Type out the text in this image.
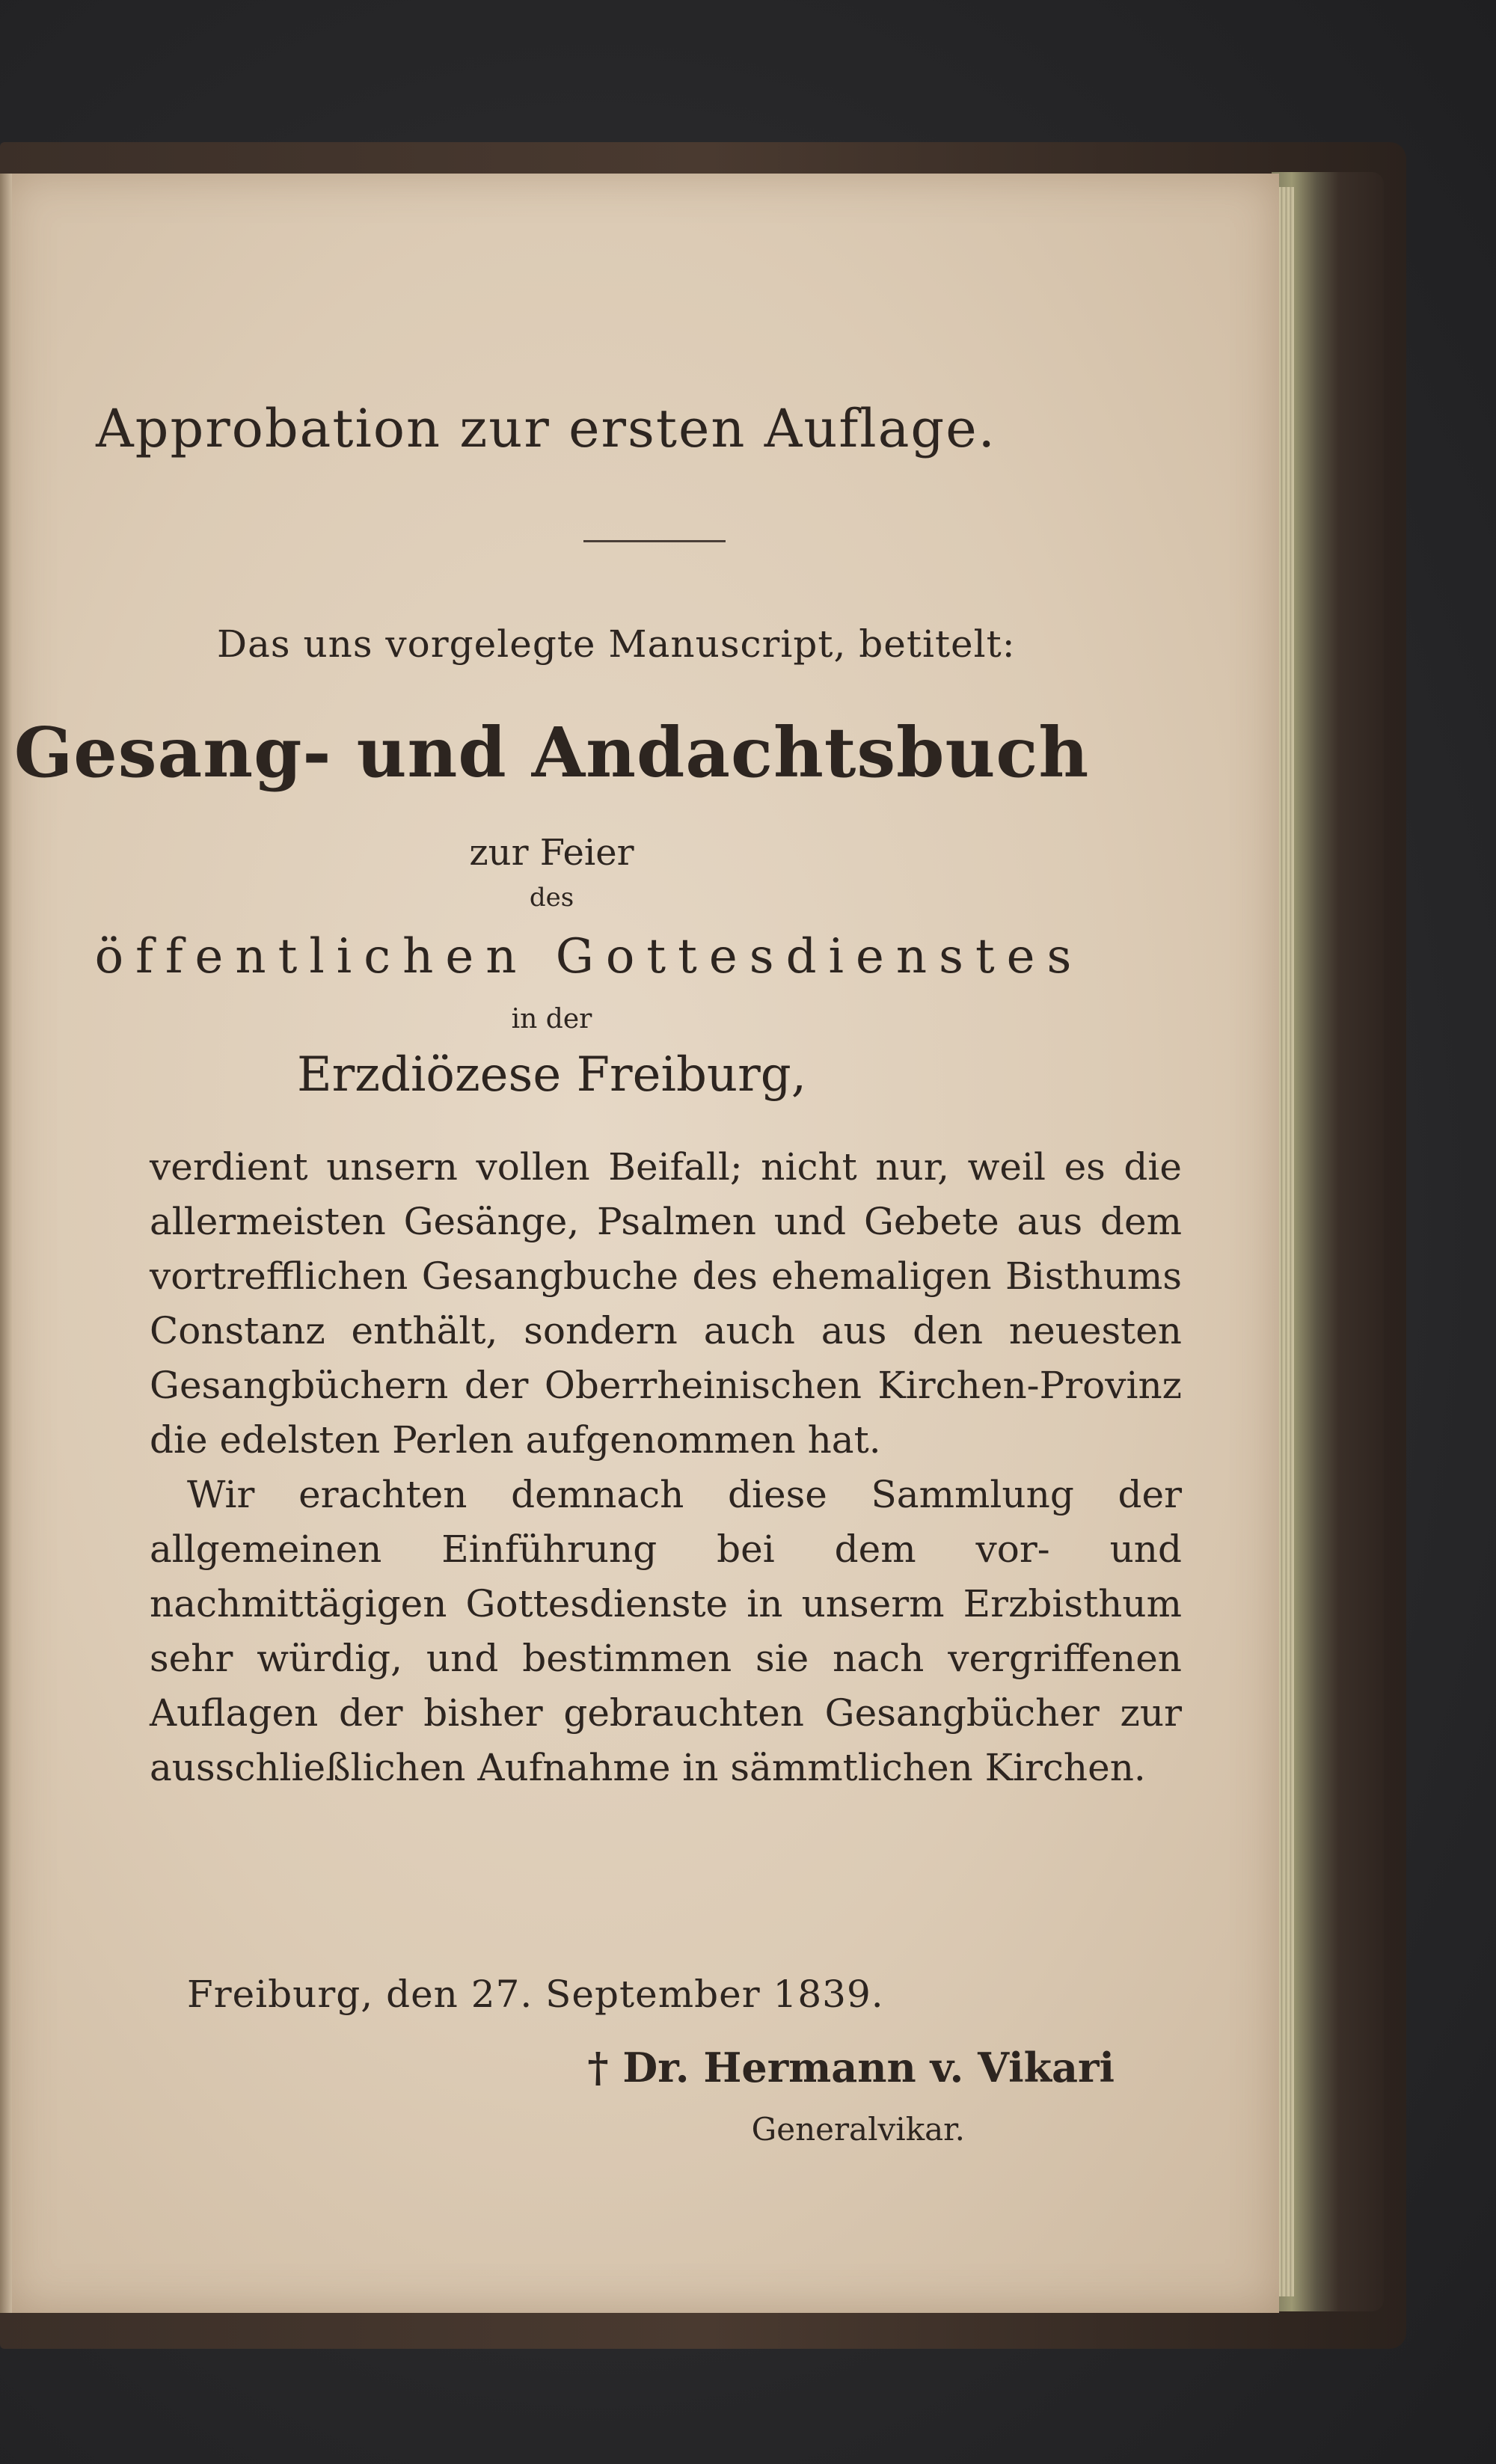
Approbation zur ersten Auflage.
Das uns vorgelegte Manuscript, betitelt:
Gesang- und Andachtsbuch
zur Feier
des
öffentlichen Gottesdienstes
in der
Erzdiözese Freiburg,

verdient unsern vollen Beifall; nicht nur, weil es die allermeisten Gesänge, Psalmen und Gebete aus dem vortrefflichen Gesangbuche des ehemaligen Bisthums Constanz enthält, sondern auch aus den neuesten Gesangbüchern der Oberrheinischen Kirchen-Provinz die edelsten Perlen aufgenommen hat.

Wir erachten demnach diese Sammlung der allgemeinen Einführung bei dem vor- und nachmittägigen Gottesdienste in unserm Erzbisthum sehr würdig, und bestimmen sie nach vergriffenen Auflagen der bisher gebrauchten Gesangbücher zur ausschließlichen Aufnahme in sämmtlichen Kirchen.

Freiburg, den 27. September 1839.
† Dr. Hermann v. Vikari
Generalvikar.
